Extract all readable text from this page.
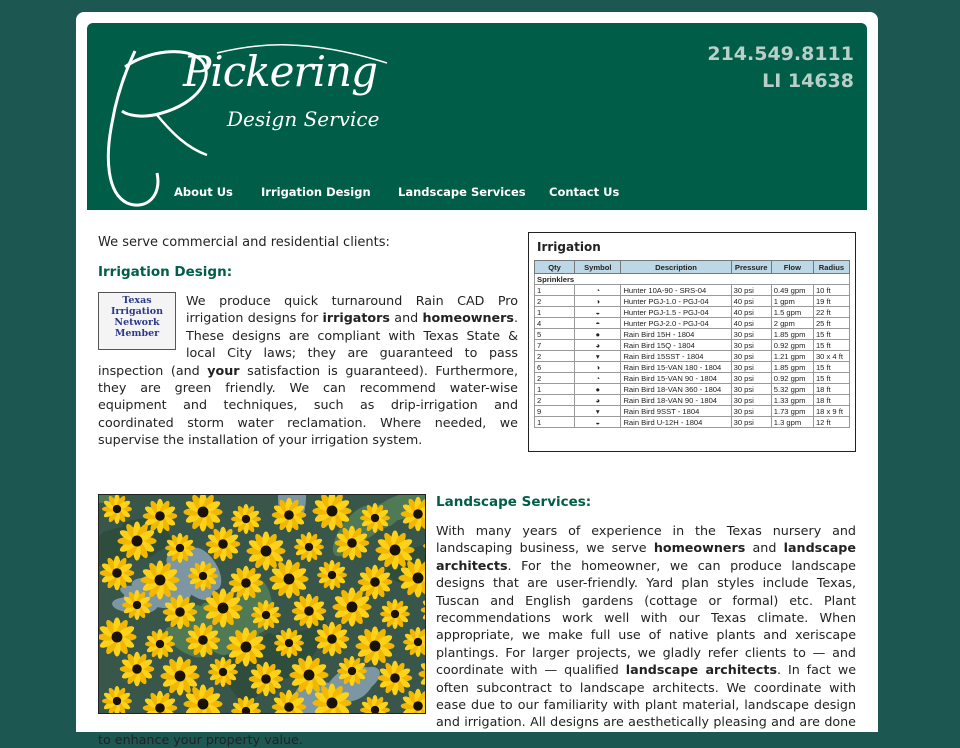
Pickering
Design Service
214.549.8111
LI 14638
About Us Irrigation Design Landscape Services Contact Us
We serve commercial and residential clients:
Irrigation Design:
Texas
Irrigation
Network
Member
We produce quick turnaround Rain CAD Pro irrigation designs for irrigators and homeowners. These designs are compliant with Texas State & local City laws; they are guaranteed to pass inspection (and your satisfaction is guaranteed). Furthermore, they are green friendly. We can recommend water-wise equipment and techniques, such as drip-irrigation and coordinated storm water reclamation. Where needed, we supervise the installation of your irrigation system.
Irrigation
Qty	Symbol	Description	Pressure	Flow	Radius
Sprinklers					
1	◔	Hunter 10A-90 - SRS-04	30 psi	0.49 gpm	10 ft
2	◑	Hunter PGJ-1.0 - PGJ-04	40 psi	1 gpm	19 ft
1	◒	Hunter PGJ-1.5 - PGJ-04	40 psi	1.5 gpm	22 ft
4	◓	Hunter PGJ-2.0 - PGJ-04	40 psi	2 gpm	25 ft
5	●	Rain Bird 15H - 1804	30 psi	1.85 gpm	15 ft
7	◕	Rain Bird 15Q - 1804	30 psi	0.92 gpm	15 ft
2	▾	Rain Bird 15SST - 1804	30 psi	1.21 gpm	30 x 4 ft
6	◑	Rain Bird 15-VAN 180 - 1804	30 psi	1.85 gpm	15 ft
2	◔	Rain Bird 15-VAN 90 - 1804	30 psi	0.92 gpm	15 ft
1	●	Rain Bird 18-VAN 360 - 1804	30 psi	5.32 gpm	18 ft
2	◕	Rain Bird 18-VAN 90 - 1804	30 psi	1.33 gpm	18 ft
9	▾	Rain Bird 9SST - 1804	30 psi	1.73 gpm	18 x 9 ft
1	◒	Rain Bird U-12H - 1804	30 psi	1.3 gpm	12 ft
Landscape Services:
With many years of experience in the Texas nursery and landscaping business, we serve homeowners and landscape architects. For the homeowner, we can produce landscape designs that are user-friendly. Yard plan styles include Texas, Tuscan and English gardens (cottage or formal) etc. Plant recommendations work well with our Texas climate. When appropriate, we make full use of native plants and xeriscape plantings. For larger projects, we gladly refer clients to — and coordinate with — qualified landscape architects. In fact we often subcontract to landscape architects. We coordinate with ease due to our familiarity with plant material, landscape design and irrigation. All designs are aesthetically pleasing and are done to enhance your property value.
